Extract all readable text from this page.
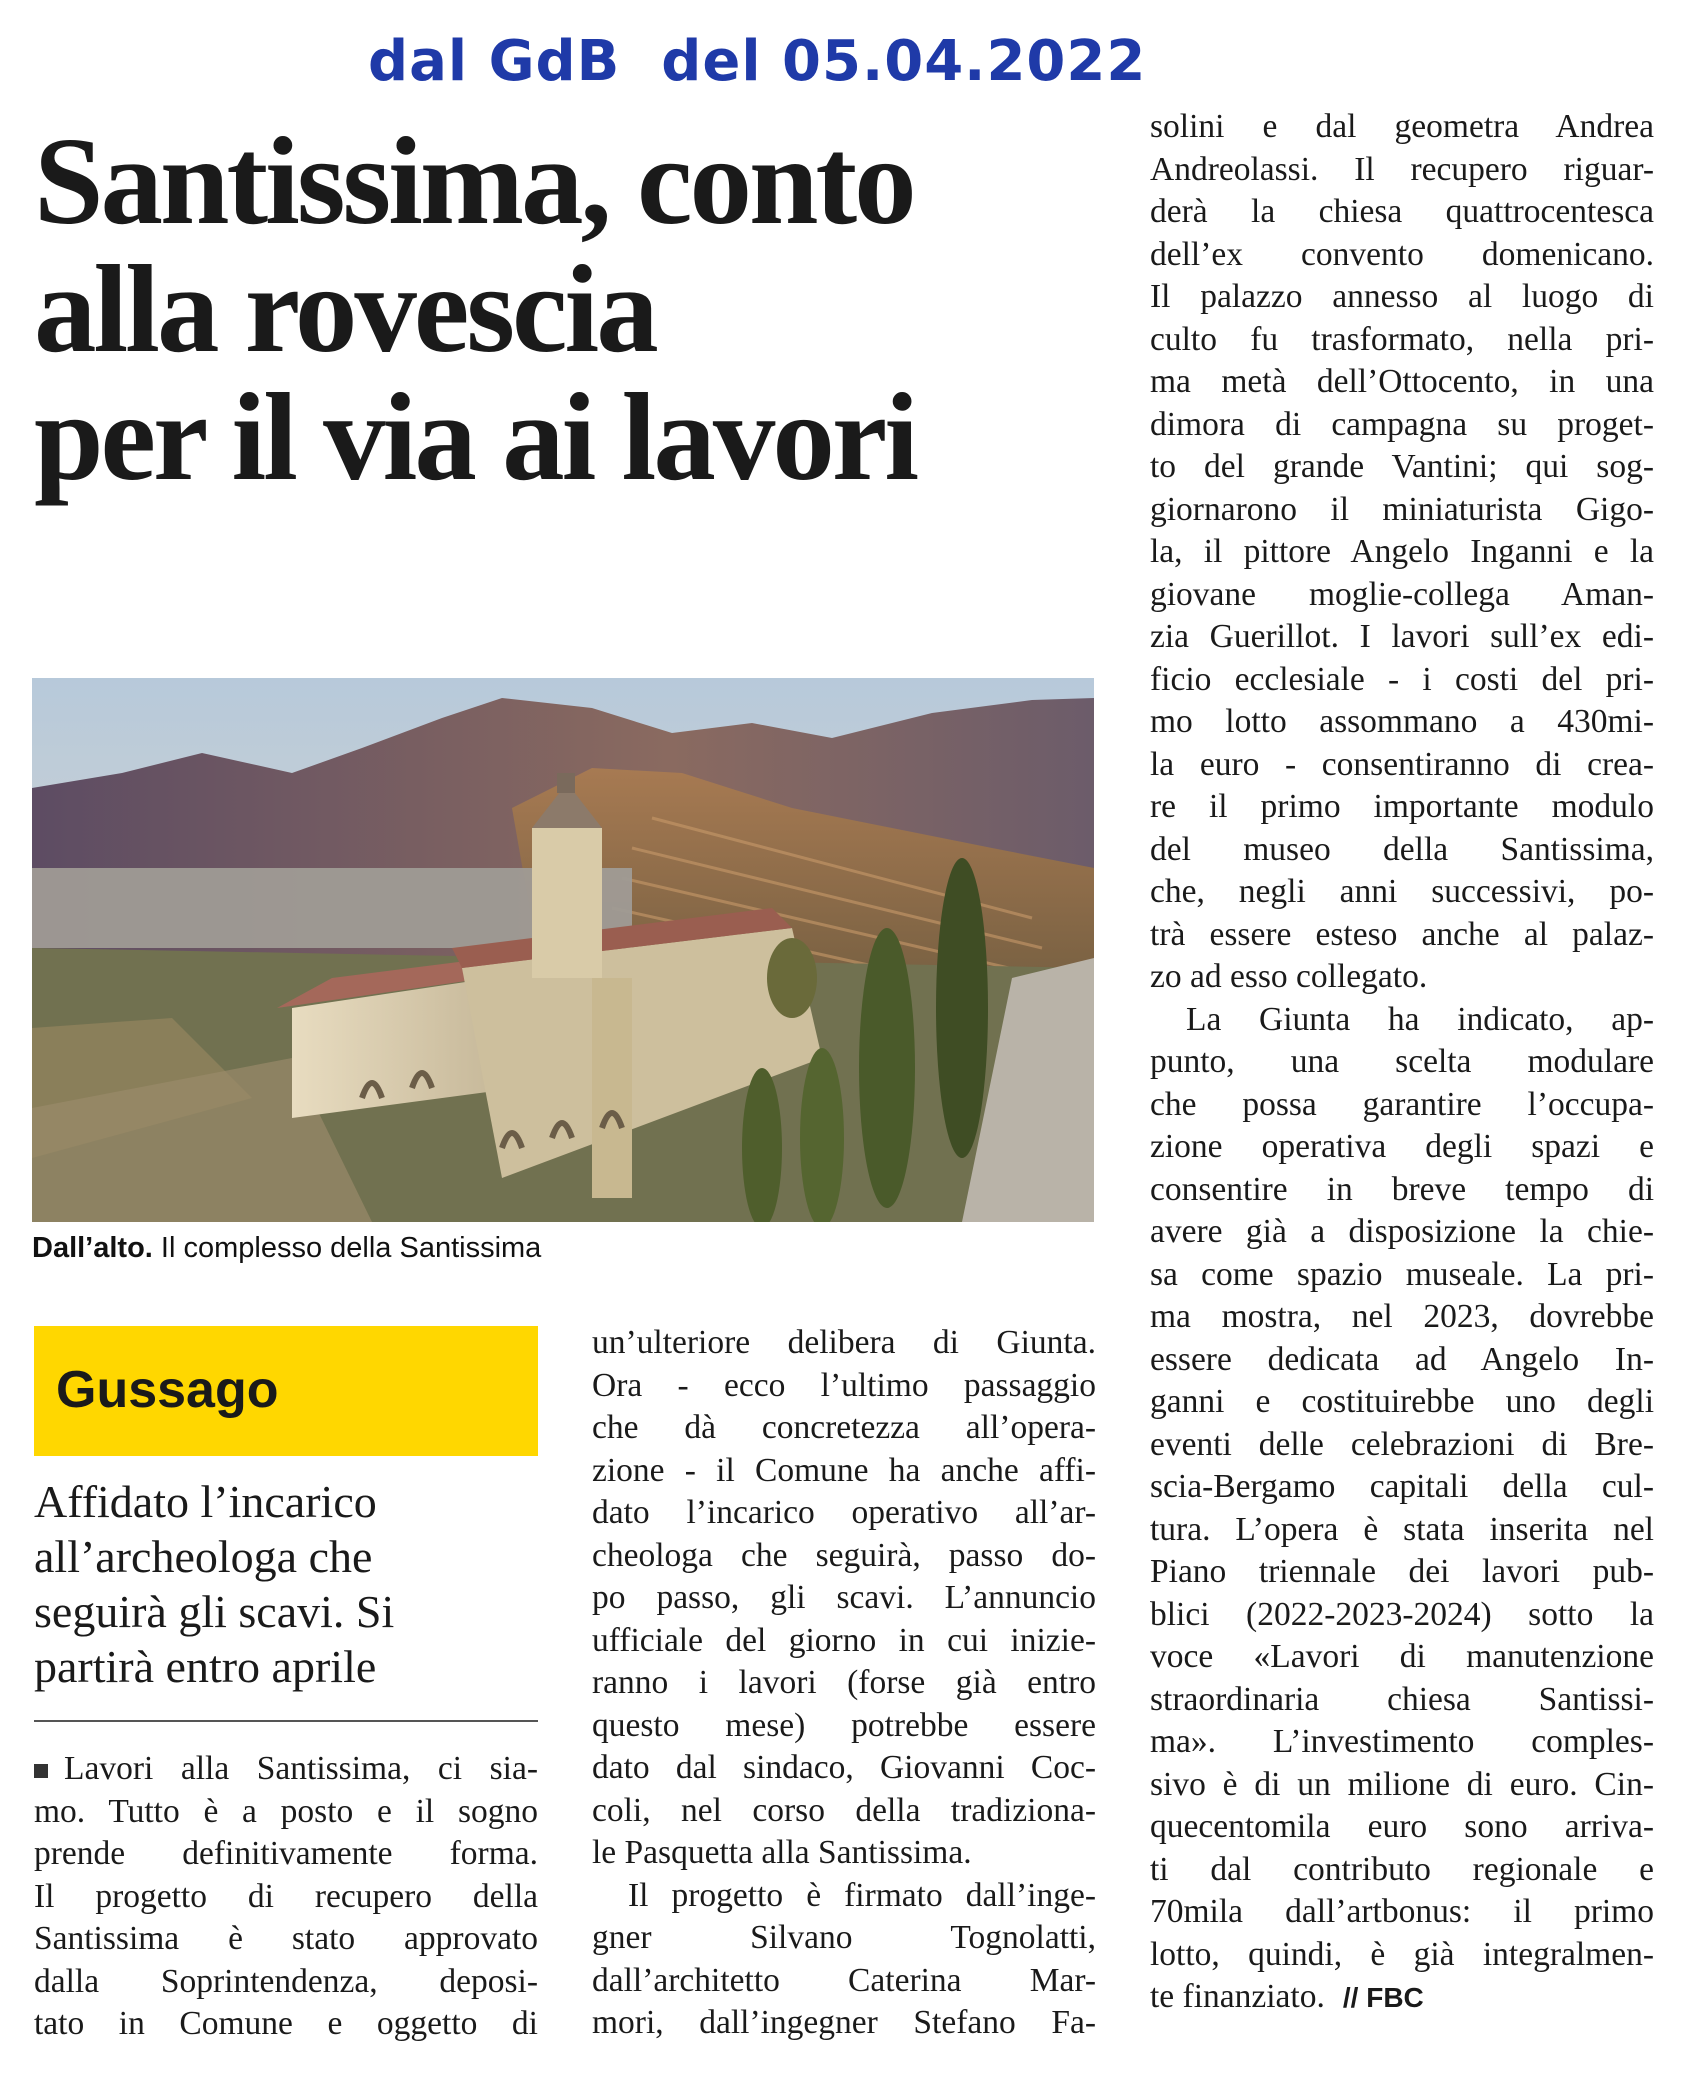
dal GdB  del 05.04.2022
Santissima, conto
alla rovescia
per il via ai lavori
Dall’alto. Il complesso della Santissima
Gussago
Affidato l’incarico
all’archeologa che
seguirà gli scavi. Si
partirà entro aprile
Lavori alla Santissima, ci sia-
mo. Tutto è a posto e il sogno
prende definitivamente forma.
Il progetto di recupero della
Santissima è stato approvato
dalla Soprintendenza, deposi-
tato in Comune e oggetto di
un’ulteriore delibera di Giunta.
Ora - ecco l’ultimo passaggio
che dà concretezza all’opera-
zione - il Comune ha anche affi-
dato l’incarico operativo all’ar-
cheologa che seguirà, passo do-
po passo, gli scavi. L’annuncio
ufficiale del giorno in cui inizie-
ranno i lavori (forse già entro
questo mese) potrebbe essere
dato dal sindaco, Giovanni Coc-
coli, nel corso della tradiziona-
le Pasquetta alla Santissima.
Il progetto è firmato dall’inge-
gner Silvano Tognolatti,
dall’architetto Caterina Mar-
mori, dall’ingegner Stefano Fa-
solini e dal geometra Andrea
Andreolassi. Il recupero riguar-
derà la chiesa quattrocentesca
dell’ex convento domenicano.
Il palazzo annesso al luogo di
culto fu trasformato, nella pri-
ma metà dell’Ottocento, in una
dimora di campagna su proget-
to del grande Vantini; qui sog-
giornarono il miniaturista Gigo-
la, il pittore Angelo Inganni e la
giovane moglie-collega Aman-
zia Guerillot. I lavori sull’ex edi-
ficio ecclesiale - i costi del pri-
mo lotto assommano a 430mi-
la euro - consentiranno di crea-
re il primo importante modulo
del museo della Santissima,
che, negli anni successivi, po-
trà essere esteso anche al palaz-
zo ad esso collegato.
La Giunta ha indicato, ap-
punto, una scelta modulare
che possa garantire l’occupa-
zione operativa degli spazi e
consentire in breve tempo di
avere già a disposizione la chie-
sa come spazio museale. La pri-
ma mostra, nel 2023, dovrebbe
essere dedicata ad Angelo In-
ganni e costituirebbe uno degli
eventi delle celebrazioni di Bre-
scia-Bergamo capitali della cul-
tura. L’opera è stata inserita nel
Piano triennale dei lavori pub-
blici (2022-2023-2024) sotto la
voce «Lavori di manutenzione
straordinaria chiesa Santissi-
ma». L’investimento comples-
sivo è di un milione di euro. Cin-
quecentomila euro sono arriva-
ti dal contributo regionale e
70mila dall’artbonus: il primo
lotto, quindi, è già integralmen-
te finanziato. // FBC
